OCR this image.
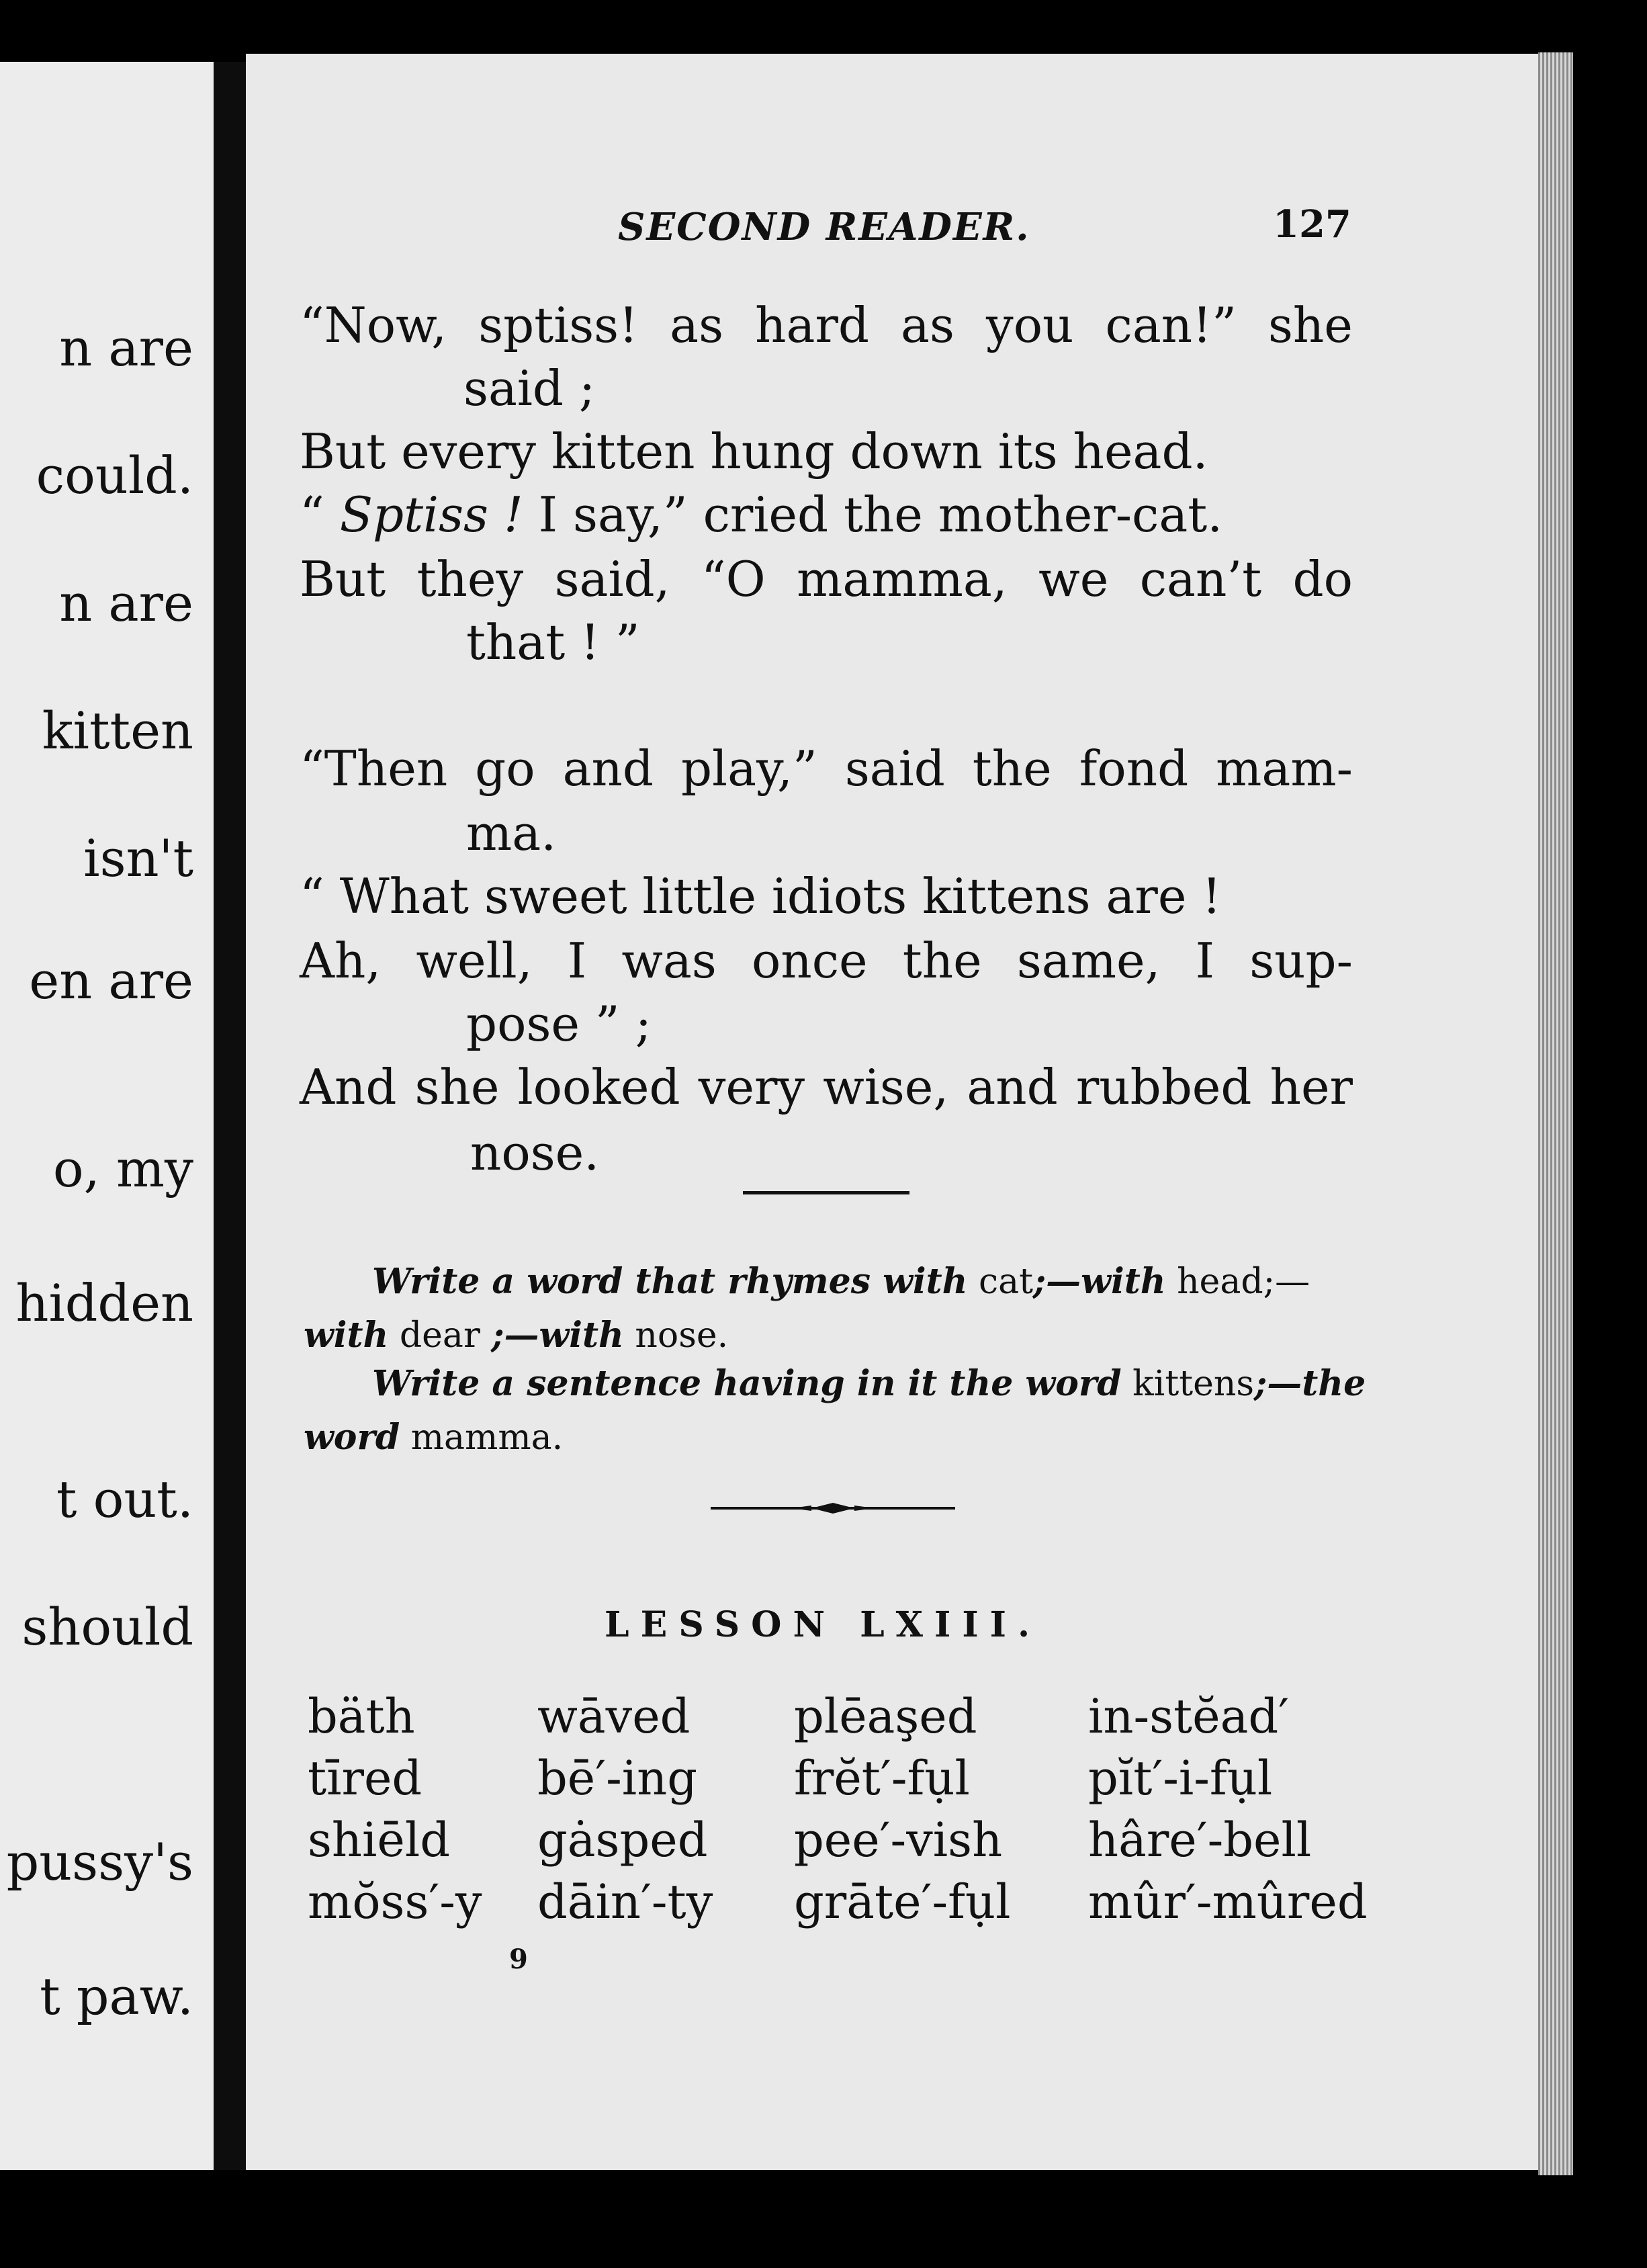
n are
could.
n are
kitten
isn't
en are
o, my
hidden
t out.
should
pussy's
t paw.
SECOND READER.	127
“Now, sptiss! as hard as you can!” she
said ;
But every kitten hung down its head.
“ Sptiss ! I say,” cried the mother-cat.
But they said, “O mamma, we can’t do
that ! ”
“Then go and play,” said the fond mam-
ma.
“ What sweet little idiots kittens are !
Ah, well, I was once the same, I sup-
pose ” ;
And she looked very wise, and rubbed her
nose.
Write a word that rhymes with cat;—with head;—
with dear ;—with nose.
Write a sentence having in it the word kittens;—the
word mamma.
LESSON LXIII.
bäth	wāved plēaşed in-stĕad′
tīred bē′-ing frĕt′-fụl	pĭt′-i-fụl
shiēld gȧsped pee′-vish hâre′-bell
mŏss′-y dāin′-ty grāte′-fụl mûr′-mûred
9
